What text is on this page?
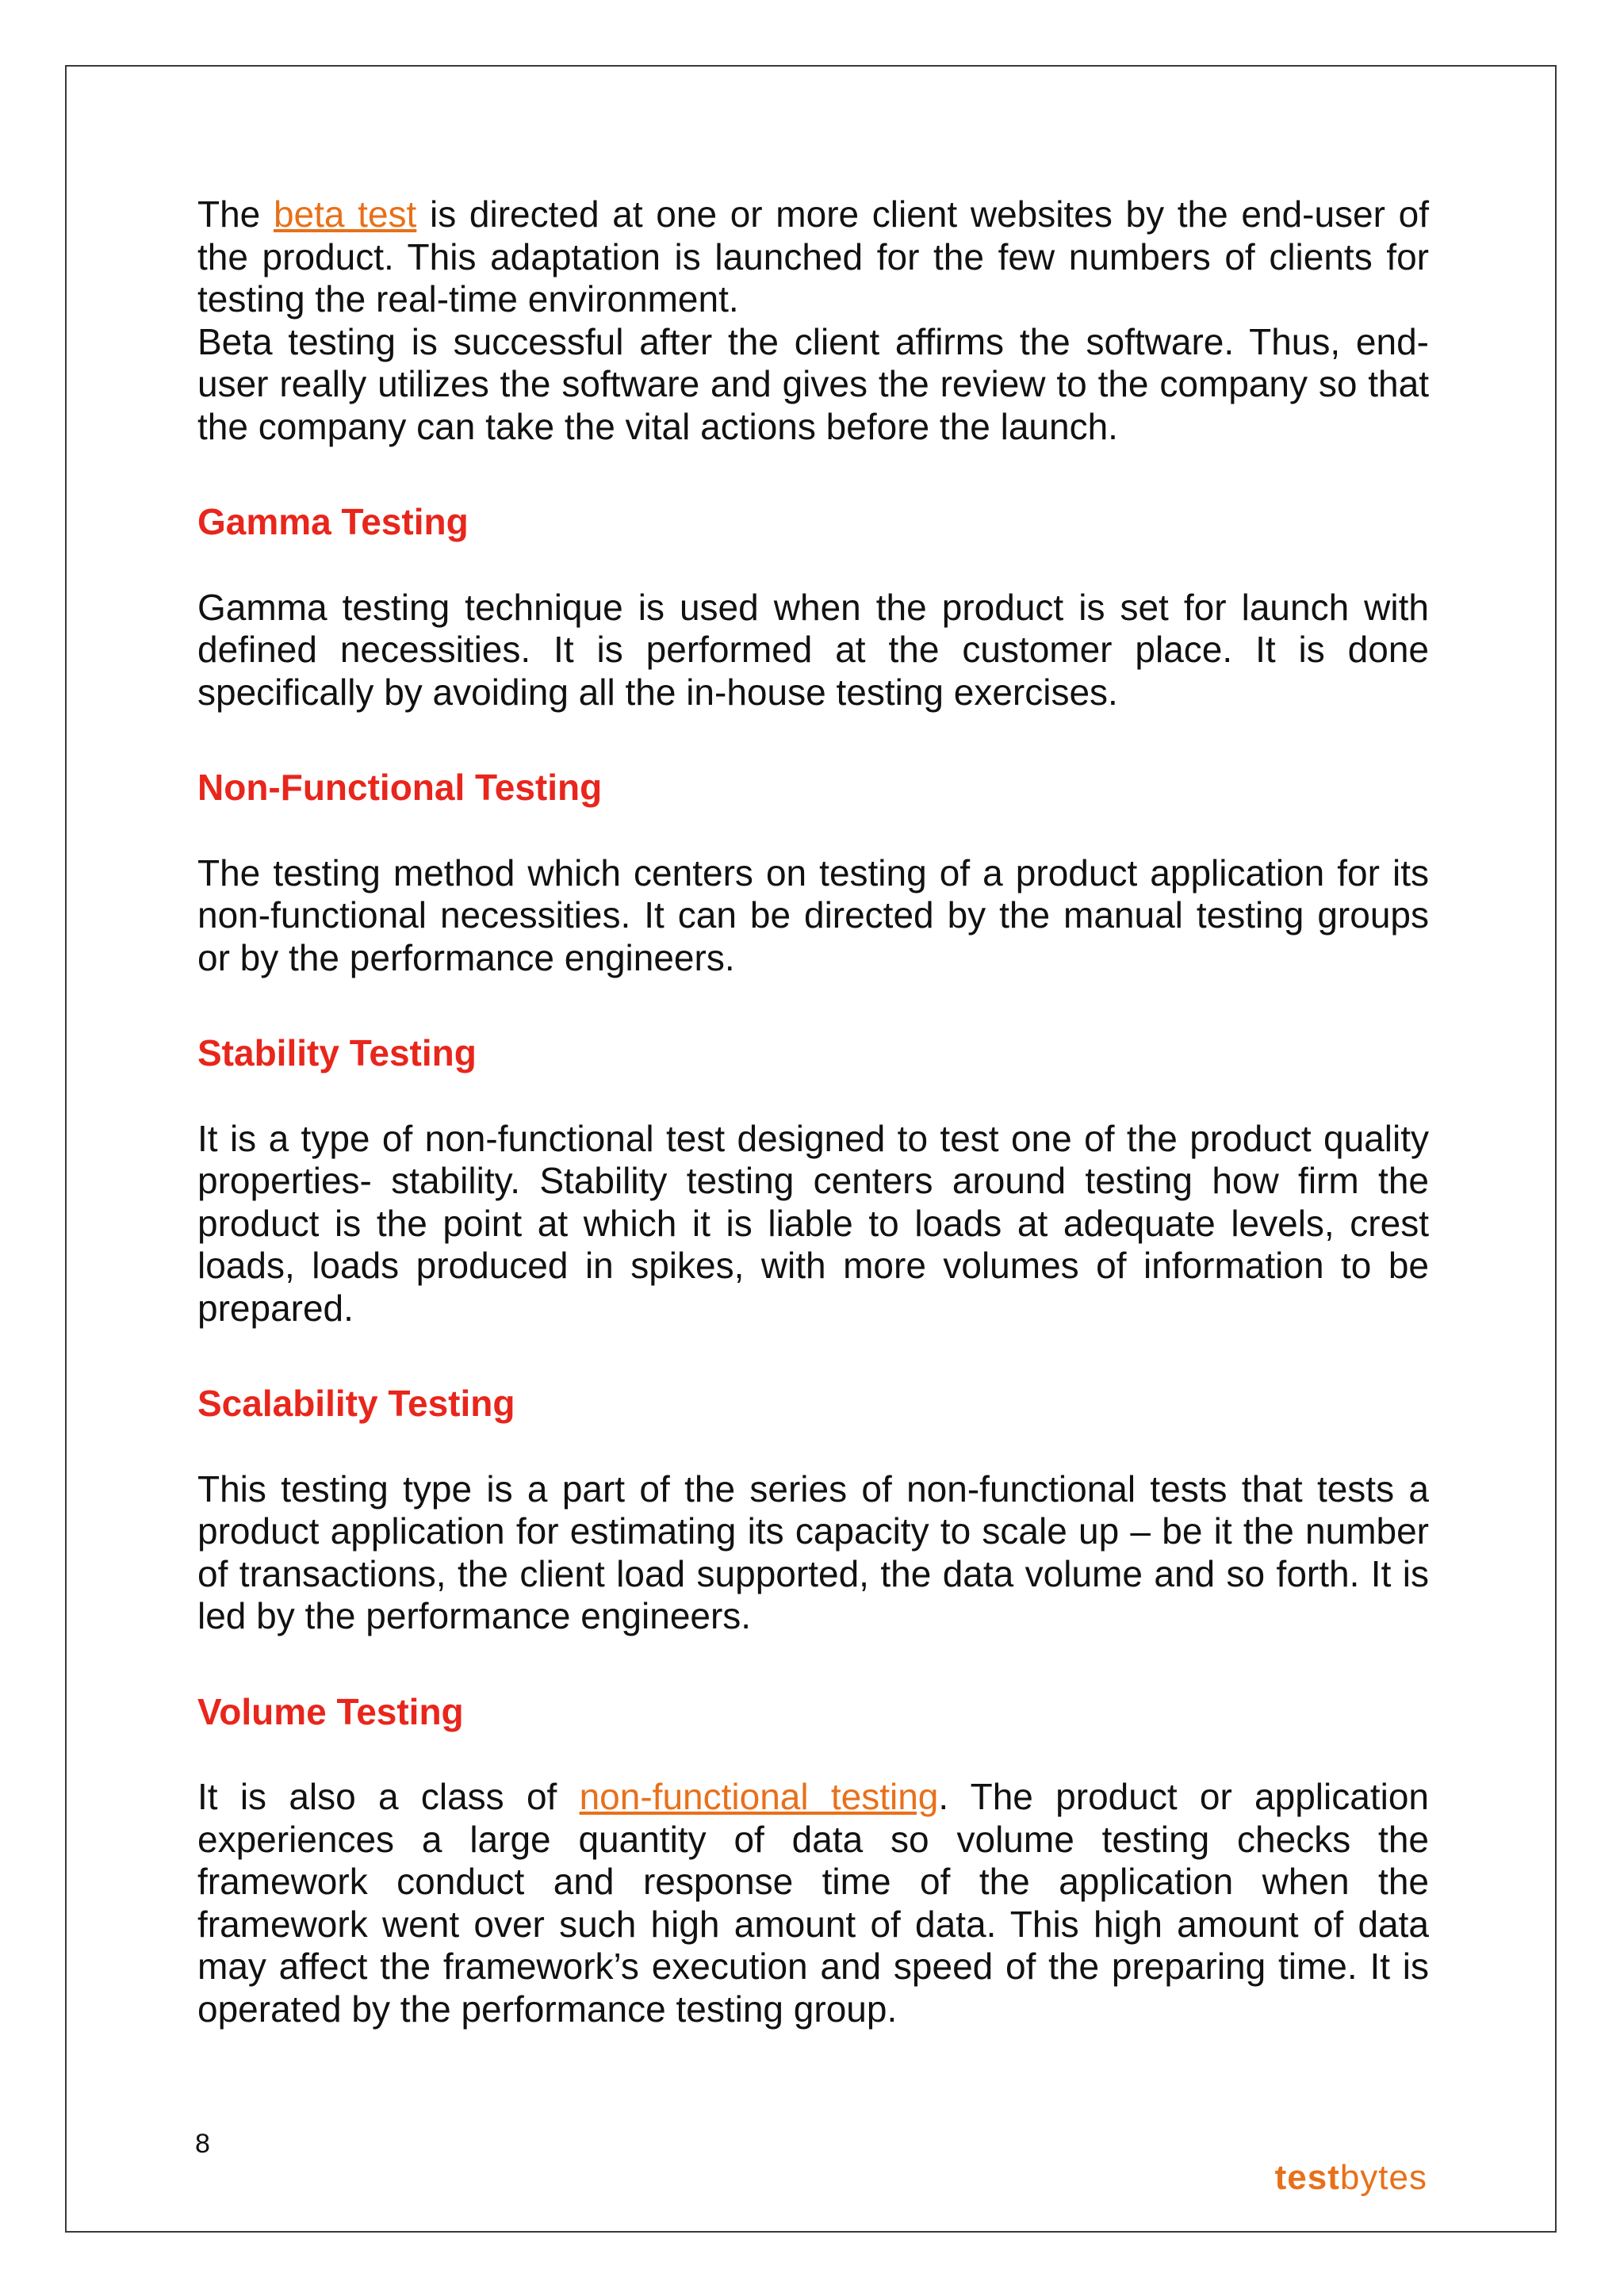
The beta test is directed at one or more client websites by the end-user of the product. This adaptation is launched for the few numbers of clients for testing the real-time environment.

Beta testing is successful after the client affirms the software. Thus, end-user really utilizes the software and gives the review to the company so that the company can take the vital actions before the launch.

Gamma Testing

Gamma testing technique is used when the product is set for launch with defined necessities. It is performed at the customer place. It is done specifically by avoiding all the in-house testing exercises.

Non-Functional Testing

The testing method which centers on testing of a product application for its non-functional necessities. It can be directed by the manual testing groups or by the performance engineers.

Stability Testing

It is a type of non-functional test designed to test one of the product quality properties- stability. Stability testing centers around testing how firm the product is the point at which it is liable to loads at adequate levels, crest loads, loads produced in spikes, with more volumes of information to be prepared.

Scalability Testing

This testing type is a part of the series of non-functional tests that tests a product application for estimating its capacity to scale up – be it the number of transactions, the client load supported, the data volume and so forth. It is led by the performance engineers.

Volume Testing

It is also a class of non-functional testing. The product or application experiences a large quantity of data so volume testing checks the framework conduct and response time of the application when the framework went over such high amount of data. This high amount of data may affect the framework’s execution and speed of the preparing time. It is operated by the performance testing group.

8
testbytes
